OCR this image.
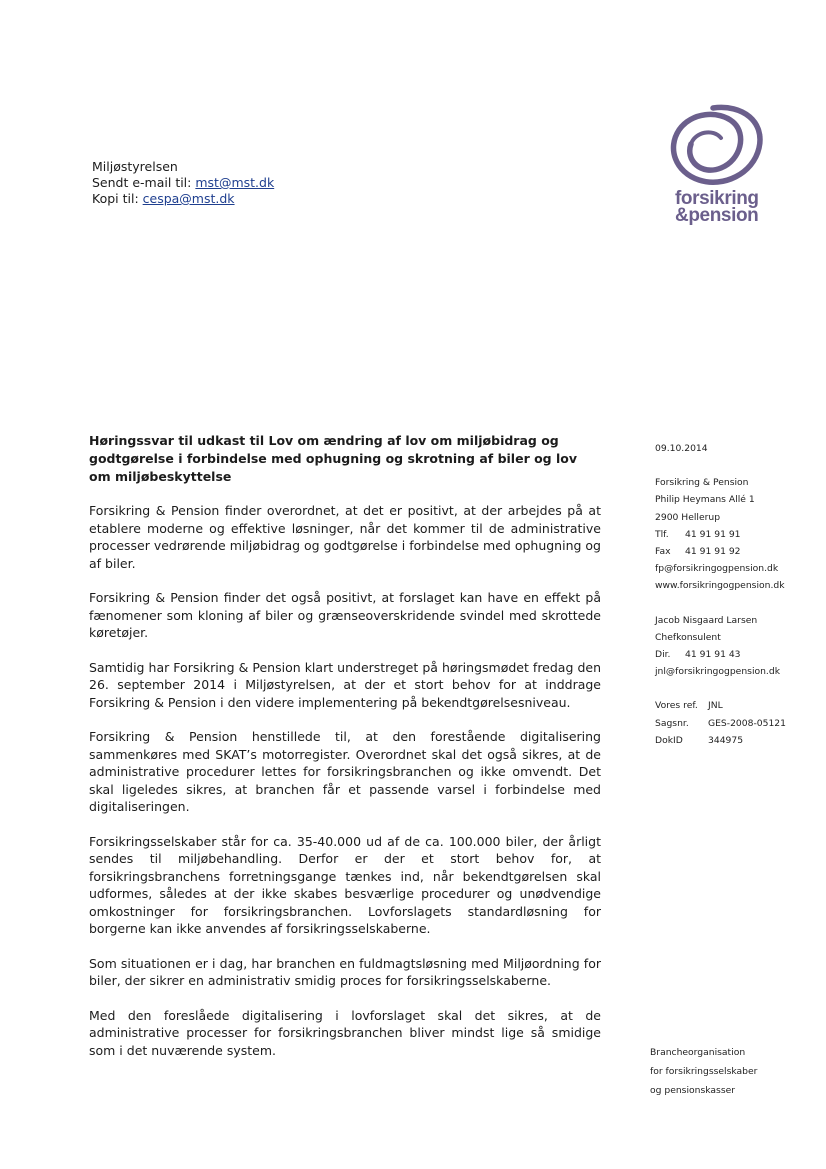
Miljøstyrelsen
Sendt e-mail til: mst@mst.dk
Kopi til: cespa@mst.dk	forsikring
&pension
Høringssvar til udkast til Lov om ændring af lov om miljøbidrag og godtgørelse i forbindelse med ophugning og skrotning af biler og lov om miljøbeskyttelse

Forsikring & Pension finder overordnet, at det er positivt, at der arbejdes på at etablere moderne og effektive løsninger, når det kommer til de administrative processer vedrørende miljøbidrag og godtgørelse i forbindelse med ophugning og af biler.

Forsikring & Pension finder det også positivt, at forslaget kan have en effekt på fænomener som kloning af biler og grænseoverskridende svindel med skrottede køretøjer.

Samtidig har Forsikring & Pension klart understreget på høringsmødet fredag den 26. september 2014 i Miljøstyrelsen, at der et stort behov for at inddrage Forsikring & Pension i den videre implementering på bekendtgørelsesniveau.

Forsikring & Pension henstillede til, at den forestående digitalisering sammenkøres med SKAT’s motorregister. Overordnet skal det også sikres, at de administrative procedurer lettes for forsikringsbranchen og ikke omvendt. Det skal ligeledes sikres, at branchen får et passende varsel i forbindelse med digitaliseringen.

Forsikringsselskaber står for ca. 35-40.000 ud af de ca. 100.000 biler, der årligt sendes til miljøbehandling. Derfor er der et stort behov for, at forsikringsbranchens forretningsgange tænkes ind, når bekendtgørelsen skal udformes, således at der ikke skabes besværlige procedurer og unødvendige omkostninger for forsikringsbranchen. Lovforslagets standardløsning for borgerne kan ikke anvendes af forsikringsselskaberne.

Som situationen er i dag, har branchen en fuldmagtsløsning med Miljøordning for biler, der sikrer en administrativ smidig proces for forsikringsselskaberne.

Med den foreslåede digitalisering i lovforslaget skal det sikres, at de administrative processer for forsikringsbranchen bliver mindst lige så smidige som i det nuværende system.

09.10.2014
Forsikring & Pension
Philip Heymans Allé 1
2900 Hellerup
Tlf.	41 91 91 91
Fax	41 91 91 92
fp@forsikringogpension.dk
www.forsikringogpension.dk
Jacob Nisgaard Larsen
Chefkonsulent
Dir.	41 91 91 43
jnl@forsikringogpension.dk
Vores ref.	JNL
Sagsnr.	GES-2008-05121
DokID	344975
Brancheorganisation
for forsikringsselskaber
og pensionskasser
